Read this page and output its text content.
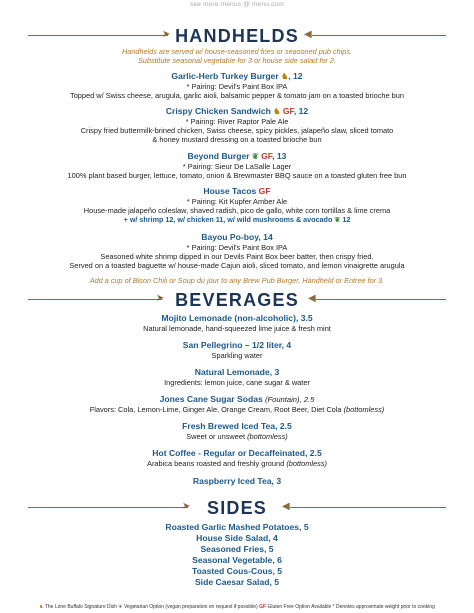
see more menus @ menu.com
➤ HANDHELDS ◀
Handhelds are served w/ house-seasoned fries or seasoned pub chips.
Substitute seasonal vegetable for 3 or house side salad for 2.
Garlic-Herb Turkey Burger ♞, 12
* Pairing: Devil's Paint Box IPA
Topped w/ Swiss cheese, arugula, garlic aioli, balsamic pepper & tomato jam on a toasted brioche bun
Crispy Chicken Sandwich ♞ GF, 12
* Pairing: River Raptor Pale Ale
Crispy fried buttermilk-brined chicken, Swiss cheese, spicy pickles, jalapeño slaw, sliced tomato
& honey mustard dressing on a toasted brioche bun
Beyond Burger ❦ GF, 13
* Pairing: Sieur De LaSalle Lager
100% plant based burger, lettuce, tomato, onion & Brewmaster BBQ sauce on a toasted gluten free bun
House Tacos GF
* Pairing: Kit Kupfer Amber Ale
House-made jalapeño coleslaw, shaved radish, pico de gallo, white corn tortillas & lime crema
+ w/ shrimp 12, w/ chicken 11, w/ wild mushrooms & avocado ❦ 12
Bayou Po-boy, 14
* Pairing: Devil's Paint Box IPA
Seasoned white shrimp dipped in our Devils Paint Box beer batter, then crispy fried.
Served on a toasted baguette w/ house-made Cajun aioli, sliced tomato, and lemon vinaigrette arugula
Add a cup of Bison Chili or Soup du jour to any Brew Pub Burger, Handheld or Entree for 3.
➤ BEVERAGES ◀
Mojito Lemonade (non-alcoholic), 3.5
Natural lemonade, hand-squeezed lime juice & fresh mint
San Pellegrino – 1/2 liter, 4
Sparkling water
Natural Lemonade, 3
Ingredients: lemon juice, cane sugar & water
Jones Cane Sugar Sodas (Fountain), 2.5
Flavors: Cola, Lemon-Lime, Ginger Ale, Orange Cream, Root Beer, Diet Cola (bottomless)
Fresh Brewed Iced Tea, 2.5
Sweet or unsweet (bottomless)
Hot Coffee - Regular or Decaffeinated, 2.5
Arabica beans roasted and freshly ground (bottomless)
Raspberry Iced Tea, 3
➤ SIDES	◀
Roasted Garlic Mashed Potatoes, 5
House Side Salad, 4
Seasoned Fries, 5
Seasonal Vegetable, 6
Toasted Cous-Cous, 5
Side Caesar Salad, 5
♞ The Lone Buffalo Signature Dish ❦ Vegetarian Option (vegan preparation on request if possible) GF Gluten Free Option Available * Denotes approximate weight prior to cooking
